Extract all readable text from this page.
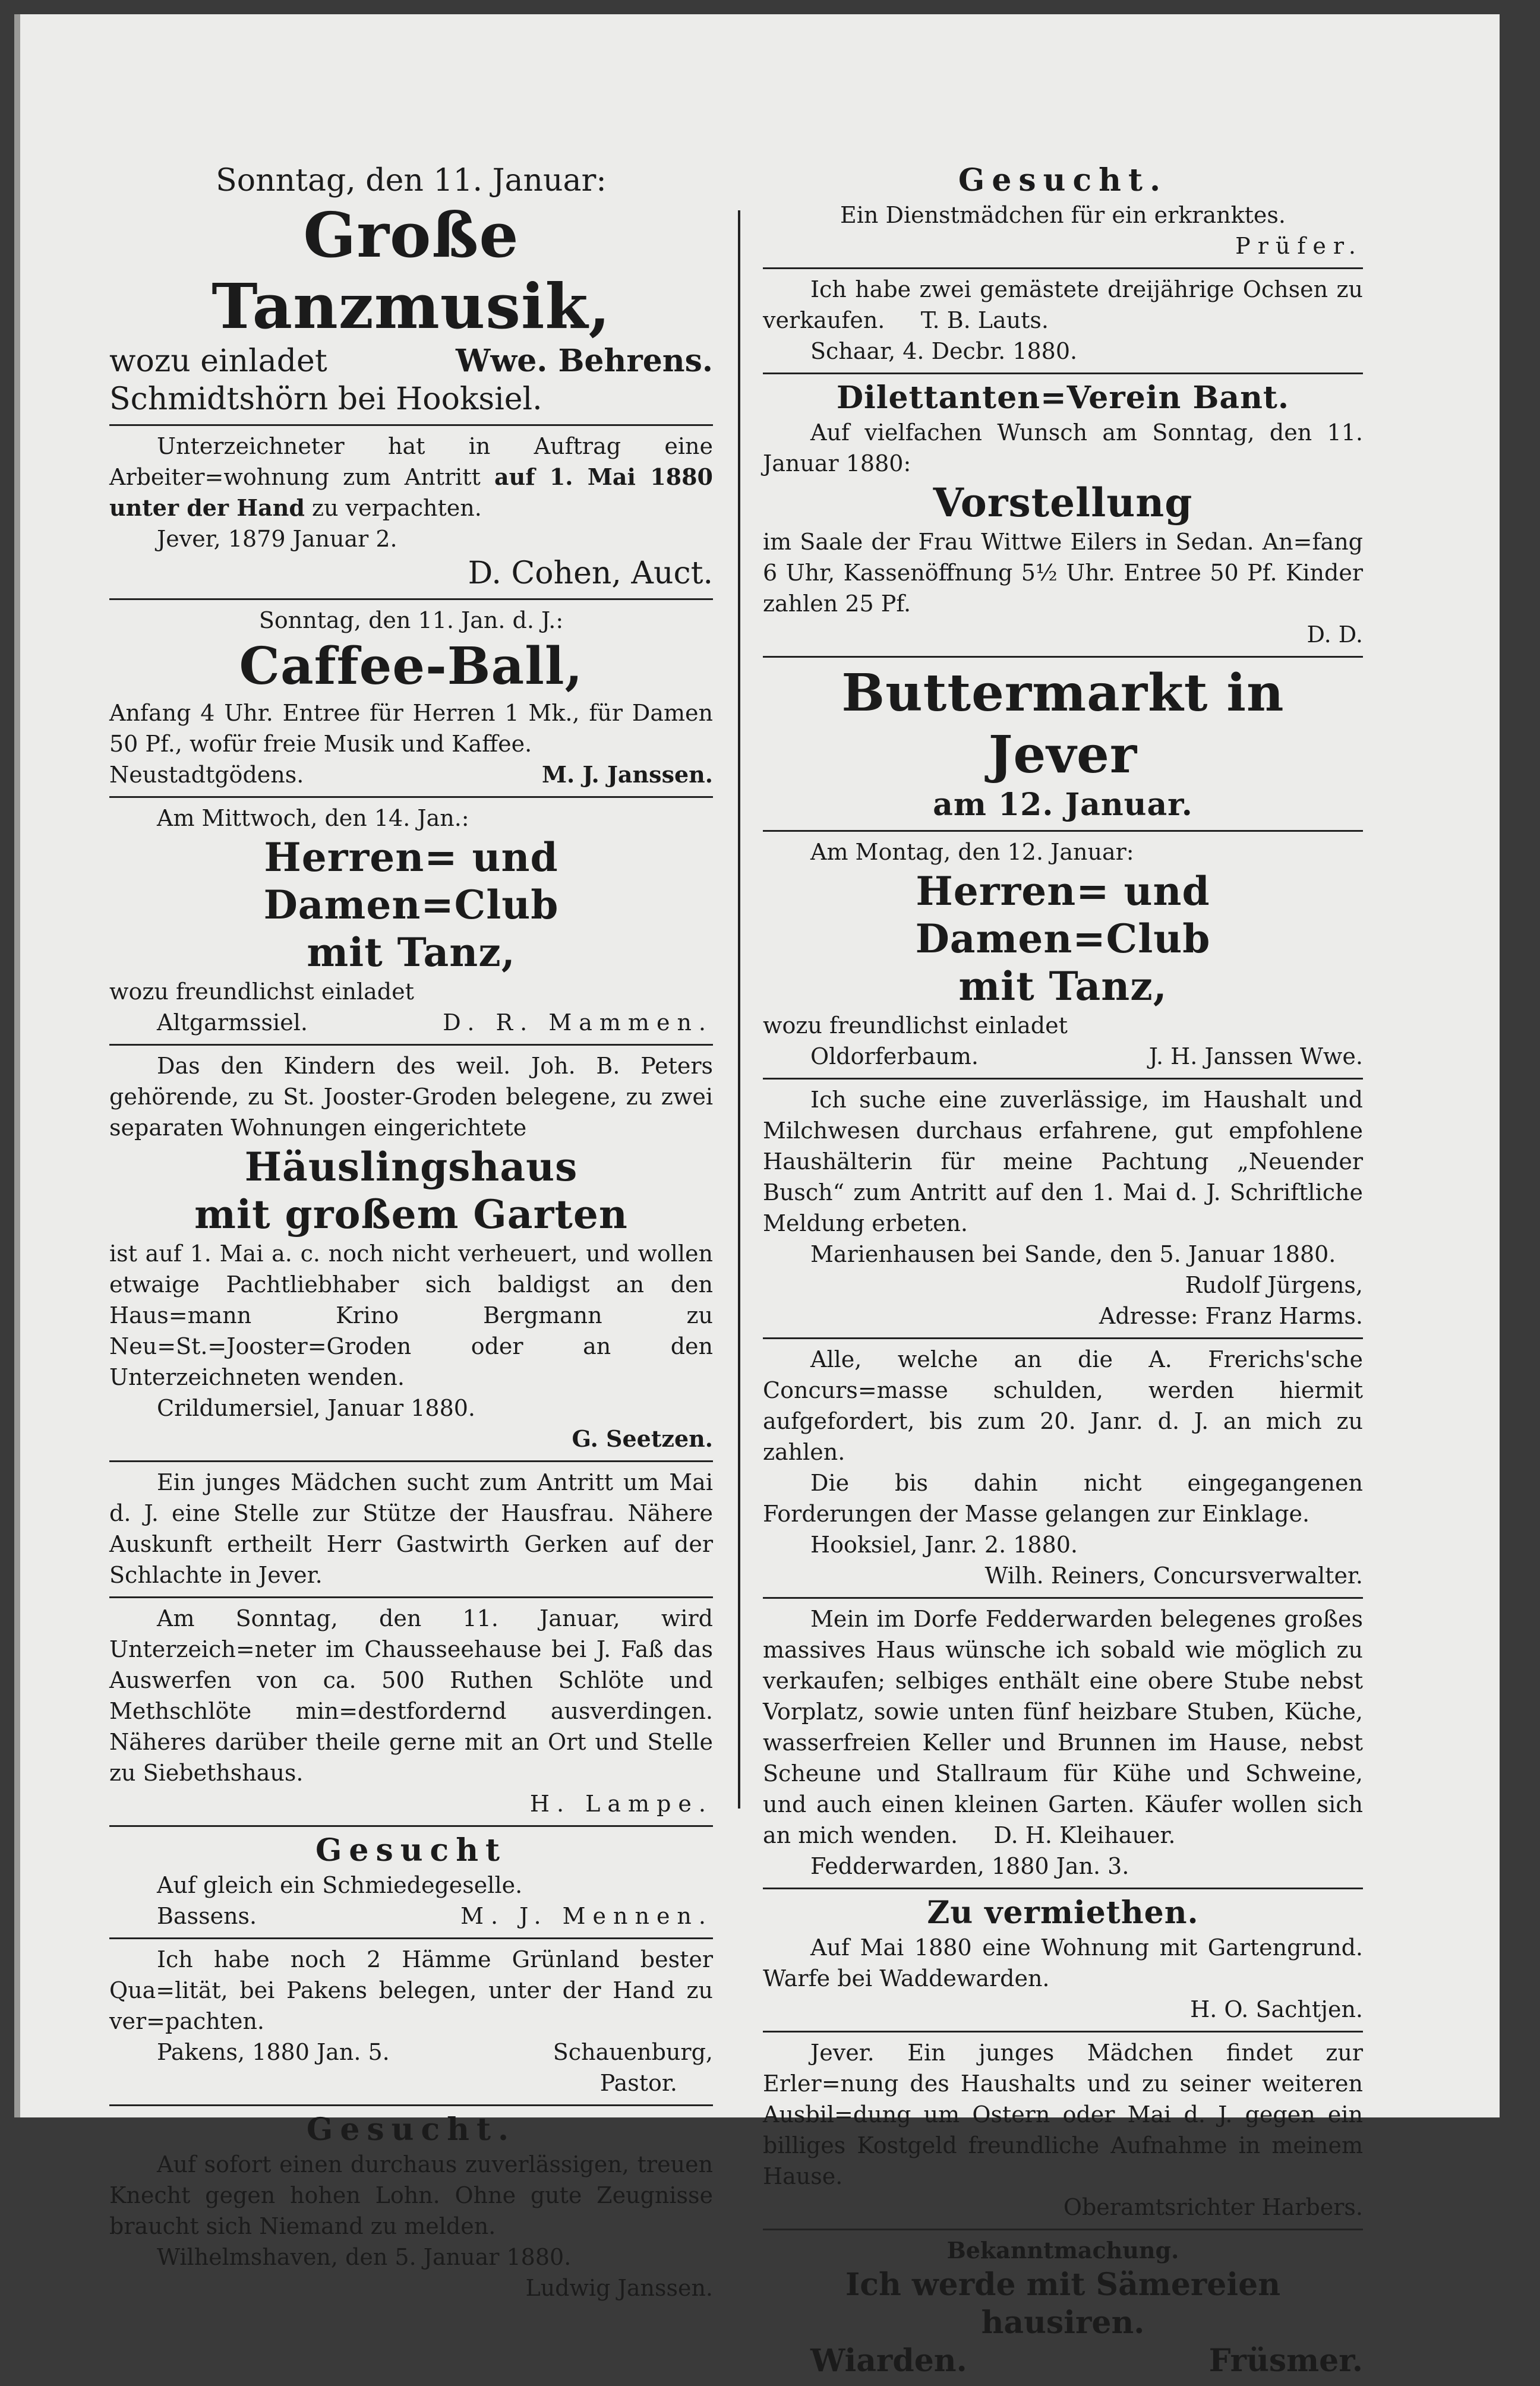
Sonntag, den 11. Januar:

Große Tanzmusik,
wozu einladet	Wwe. Behrens.

Schmidtshörn bei Hooksiel.

Unterzeichneter hat in Auftrag eine Arbeiter=wohnung zum Antritt auf 1. Mai 1880 unter der Hand zu verpachten.

Jever, 1879 Januar 2.

D. Cohen, Auct.

Sonntag, den 11. Jan. d. J.:

Caffee-Ball,

Anfang 4 Uhr. Entree für Herren 1 Mk., für Damen 50 Pf., wofür freie Musik und Kaffee.

Neustadtgödens.	M. J. Janssen.

Am Mittwoch, den 14. Jan.:

Herren= und Damen=Club
mit Tanz,

wozu freundlichst einladet

Altgarmssiel.	D. R. Mammen.

Das den Kindern des weil. Joh. B. Peters gehörende, zu St. Jooster-Groden belegene, zu zwei separaten Wohnungen eingerichtete

Häuslingshaus
mit großem Garten

ist auf 1. Mai a. c. noch nicht verheuert, und wollen etwaige Pachtliebhaber sich baldigst an den Haus=mann Krino Bergmann zu Neu=St.=Jooster=Groden oder an den Unterzeichneten wenden.

Crildumersiel, Januar 1880.

G. Seetzen.

Ein junges Mädchen sucht zum Antritt um Mai d. J. eine Stelle zur Stütze der Hausfrau. Nähere Auskunft ertheilt Herr Gastwirth Gerken auf der Schlachte in Jever.

Am Sonntag, den 11. Januar, wird Unterzeich=neter im Chausseehause bei J. Faß das Auswerfen von ca. 500 Ruthen Schlöte und Methschlöte min=destfordernd ausverdingen. Näheres darüber theile gerne mit an Ort und Stelle zu Siebethshaus.

H. Lampe.

Gesucht

Auf gleich ein Schmiedegeselle.

Bassens.	M. J. Mennen.

Ich habe noch 2 Hämme Grünland bester Qua=lität, bei Pakens belegen, unter der Hand zu ver=pachten.

Pakens, 1880 Jan. 5.	Schauenburg,

Pastor.

Gesucht.

Auf sofort einen durchaus zuverlässigen, treuen Knecht gegen hohen Lohn. Ohne gute Zeugnisse braucht sich Niemand zu melden.

Wilhelmshaven, den 5. Januar 1880.

Ludwig Janssen.

Gesucht.

Ein Dienstmädchen für ein erkranktes.

Prüfer.

Ich habe zwei gemästete dreijährige Ochsen zu verkaufen. T. B. Lauts.

Schaar, 4. Decbr. 1880.

Dilettanten=Verein Bant.

Auf vielfachen Wunsch am Sonntag, den 11. Januar 1880:

Vorstellung

im Saale der Frau Wittwe Eilers in Sedan. An=fang 6 Uhr, Kassenöffnung 5½ Uhr. Entree 50 Pf. Kinder zahlen 25 Pf.

D. D.

Buttermarkt in Jever
am 12. Januar.

Am Montag, den 12. Januar:

Herren= und Damen=Club
mit Tanz,

wozu freundlichst einladet

Oldorferbaum.	J. H. Janssen Wwe.

Ich suche eine zuverlässige, im Haushalt und Milchwesen durchaus erfahrene, gut empfohlene Haushälterin für meine Pachtung „Neuender Busch“ zum Antritt auf den 1. Mai d. J. Schriftliche Meldung erbeten.

Marienhausen bei Sande, den 5. Januar 1880.

Rudolf Jürgens,

Adresse: Franz Harms.

Alle, welche an die A. Frerichs'sche Concurs=masse schulden, werden hiermit aufgefordert, bis zum 20. Janr. d. J. an mich zu zahlen.

Die bis dahin nicht eingegangenen Forderungen der Masse gelangen zur Einklage.

Hooksiel, Janr. 2. 1880.

Wilh. Reiners, Concursverwalter.

Mein im Dorfe Fedderwarden belegenes großes massives Haus wünsche ich sobald wie möglich zu verkaufen; selbiges enthält eine obere Stube nebst Vorplatz, sowie unten fünf heizbare Stuben, Küche, wasserfreien Keller und Brunnen im Hause, nebst Scheune und Stallraum für Kühe und Schweine, und auch einen kleinen Garten. Käufer wollen sich an mich wenden. D. H. Kleihauer.

Fedderwarden, 1880 Jan. 3.

Zu vermiethen.

Auf Mai 1880 eine Wohnung mit Gartengrund. Warfe bei Waddewarden.

H. O. Sachtjen.

Jever. Ein junges Mädchen findet zur Erler=nung des Haushalts und zu seiner weiteren Ausbil=dung um Ostern oder Mai d. J. gegen ein billiges Kostgeld freundliche Aufnahme in meinem Hause.

Oberamtsrichter Harbers.

Bekanntmachung.

Ich werde mit Sämereien hausiren.

Wiarden.	Früsmer.
